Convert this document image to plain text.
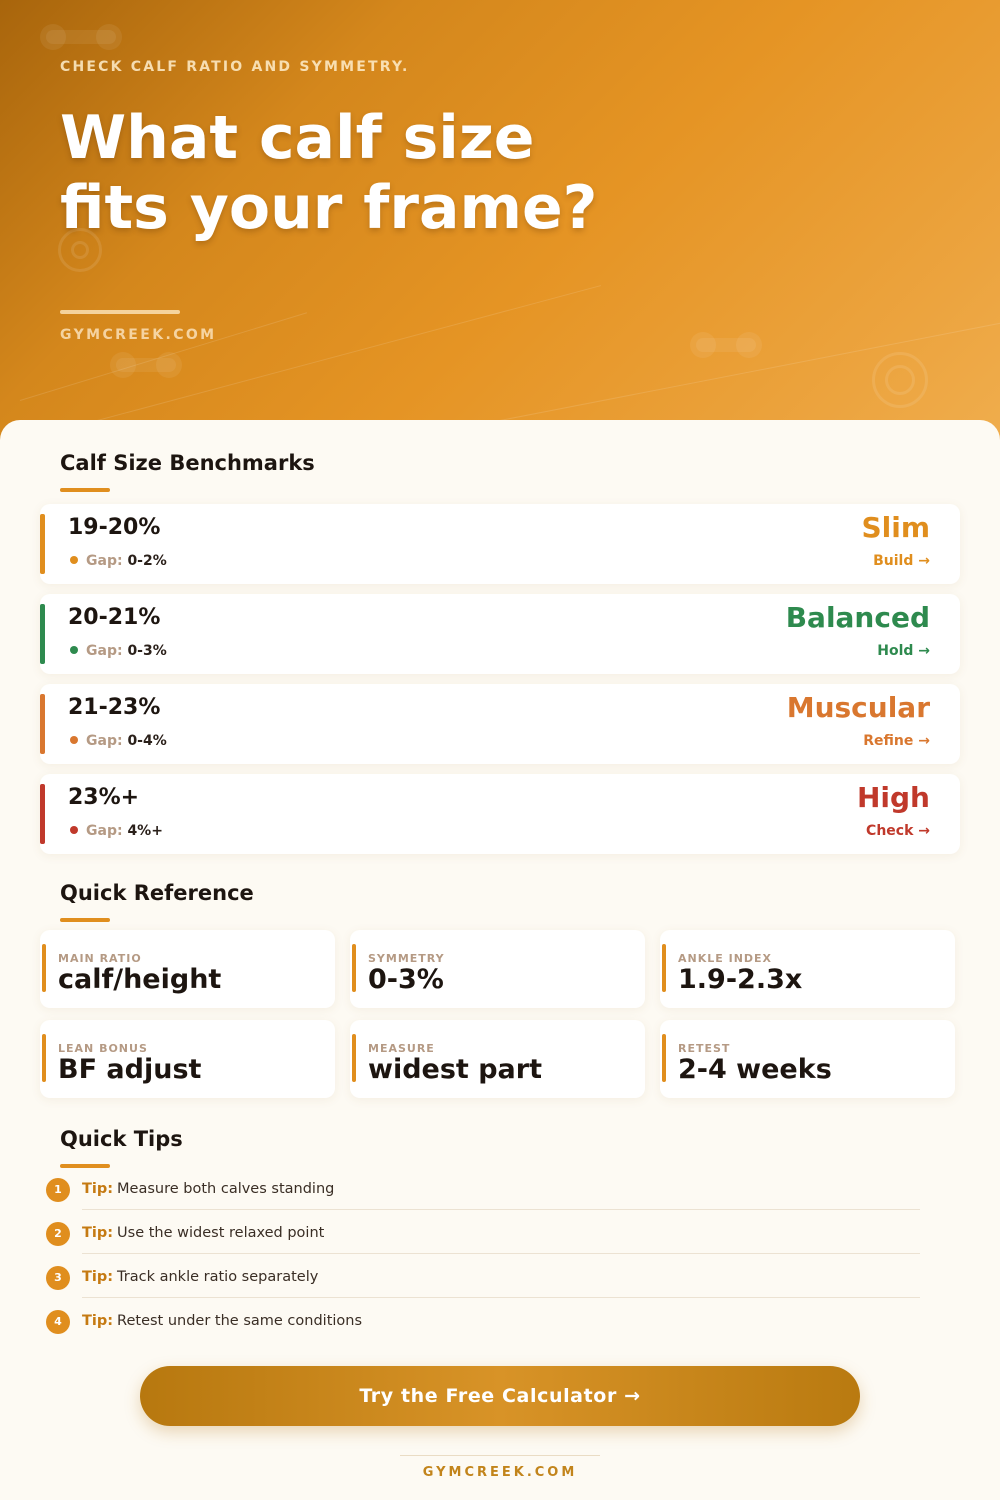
CHECK CALF RATIO AND SYMMETRY.
What calf size
fits your frame?
GYMCREEK.COM
Calf Size Benchmarks
19-20%
Gap: 0-2%
Slim
Build →
20-21%
Gap: 0-3%
Balanced
Hold →
21-23%
Gap: 0-4%
Muscular
Refine →
23%+
Gap: 4%+
High
Check →
Quick Reference
MAIN RATIO
calf/height
SYMMETRY
0-3%
ANKLE INDEX
1.9-2.3x
LEAN BONUS
BF adjust
MEASURE
widest part
RETEST
2-4 weeks
Quick Tips
1	Tip: Measure both calves standing
2	Tip: Use the widest relaxed point
3	Tip: Track ankle ratio separately
4	Tip: Retest under the same conditions
Try the Free Calculator →
GYMCREEK.COM
